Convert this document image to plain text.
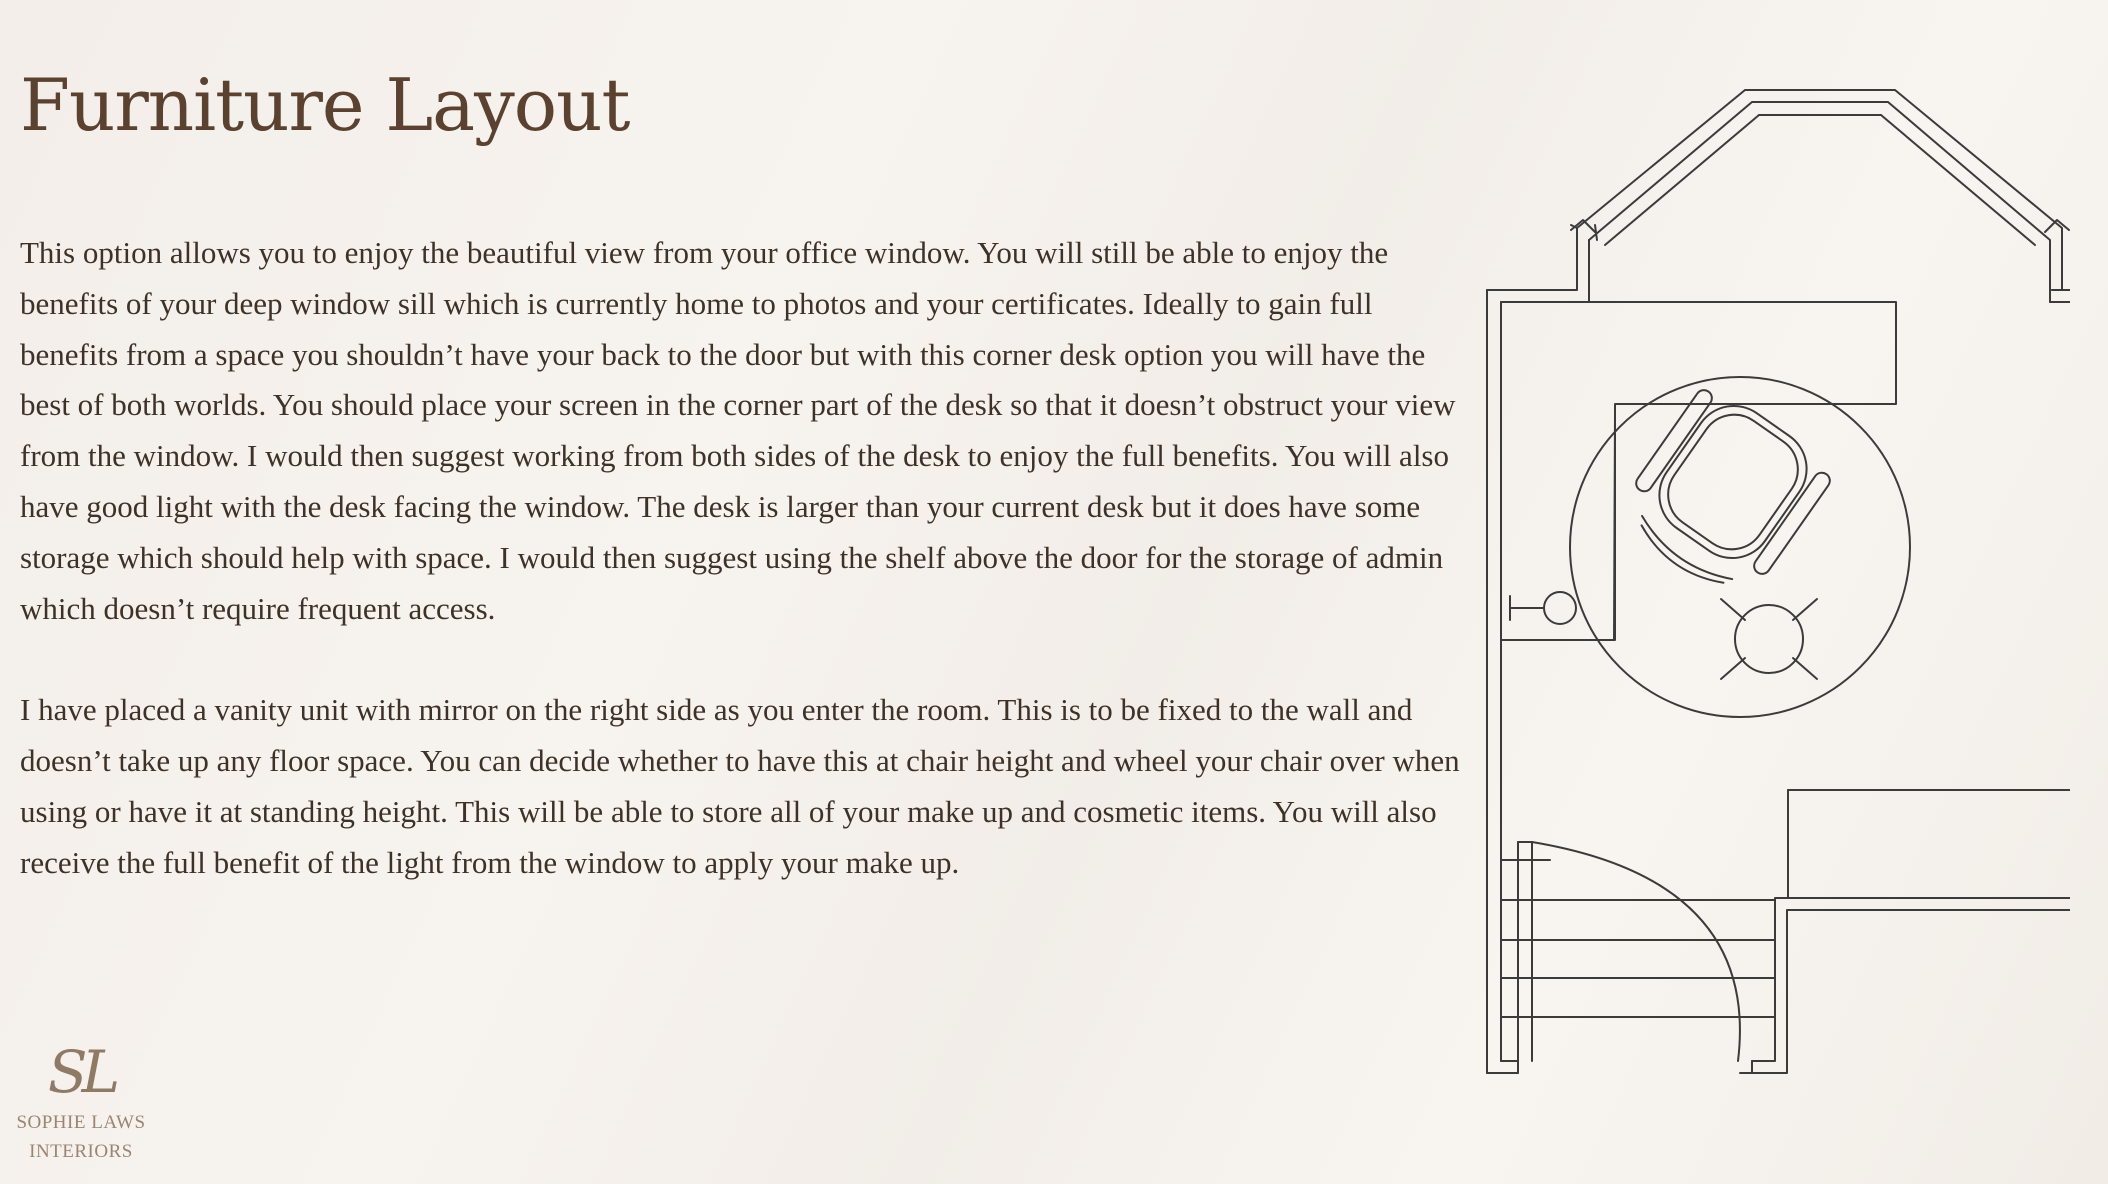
Furniture Layout

This option allows you to enjoy the beautiful view from your office window. You will still be able to enjoy the benefits of your deep window sill which is currently home to photos and your certificates. Ideally to gain full benefits from a space you shouldn’t have your back to the door but with this corner desk option you will have the best of both worlds. You should place your screen in the corner part of the desk so that it doesn’t obstruct your view from the window. I would then suggest working from both sides of the desk to enjoy the full benefits. You will also have good light with the desk facing the window. The desk is larger than your current desk but it does have some storage which should help with space. I would then suggest using the shelf above the door for the storage of admin which doesn’t require frequent access.

I have placed a vanity unit with mirror on the right side as you enter the room. This is to be fixed to the wall and doesn’t take up any floor space. You can decide whether to have this at chair height and wheel your chair over when using or have it at standing height. This will be able to store all of your make up and cosmetic items. You will also receive the full benefit of the light from the window to apply your make up.

SL
SOPHIE LAWS
INTERIORS
